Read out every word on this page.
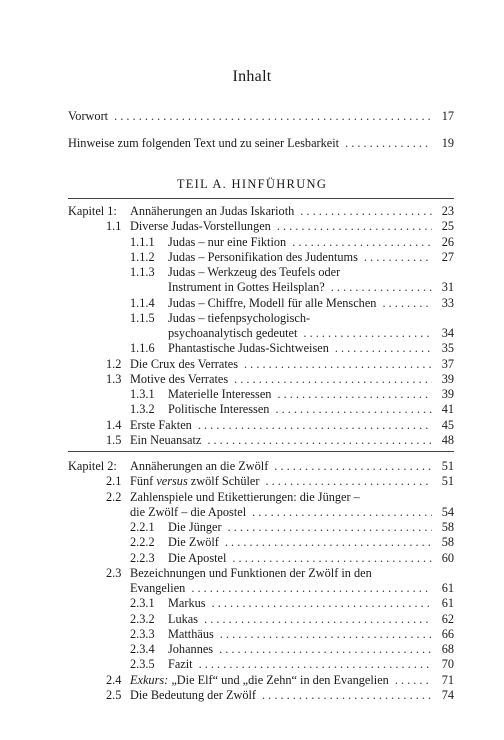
Inhalt
Vorwort . . .	17
Hinweise zum folgenden Text und zu seiner Lesbarkeit . . .	19
TEIL A. HINFÜHRUNG
Kapitel 1: Annäherungen an Judas Iskarioth . . .	23
1.1 Diverse Judas-Vorstellungen . . .	25
1.1.1 Judas – nur eine Fiktion . . .	26
1.1.2 Judas – Personifikation des Judentums . . .	27
1.1.3 Judas – Werkzeug des Teufels oder
Instrument in Gottes Heilsplan? . . .	31
1.1.4 Judas – Chiffre, Modell für alle Menschen . . .	33
1.1.5 Judas – tiefenpsychologisch-
psychoanalytisch gedeutet . . .	34
1.1.6 Phantastische Judas-Sichtweisen . . .	35
1.2 Die Crux des Verrates . . .	37
1.3 Motive des Verrates . . .	39
1.3.1 Materielle Interessen . . .	39
1.3.2 Politische Interessen . . .	41
1.4 Erste Fakten . . .	45
1.5 Ein Neuansatz . . .	48
Kapitel 2: Annäherungen an die Zwölf . . .	51
2.1 Fünf versus zwölf Schüler . . .	51
2.2 Zahlenspiele und Etikettierungen: die Jünger –
die Zwölf – die Apostel . . .	54
2.2.1 Die Jünger . . .	58
2.2.2 Die Zwölf . . .	58
2.2.3 Die Apostel . . .	60
2.3 Bezeichnungen und Funktionen der Zwölf in den
Evangelien . . .	61
2.3.1 Markus . . .	61
2.3.2 Lukas . . .	62
2.3.3 Matthäus . . .	66
2.3.4 Johannes . . .	68
2.3.5 Fazit . . .	70
2.4 Exkurs: „Die Elf“ und „die Zehn“ in den Evangelien . . .	71
2.5 Die Bedeutung der Zwölf . . .	74
